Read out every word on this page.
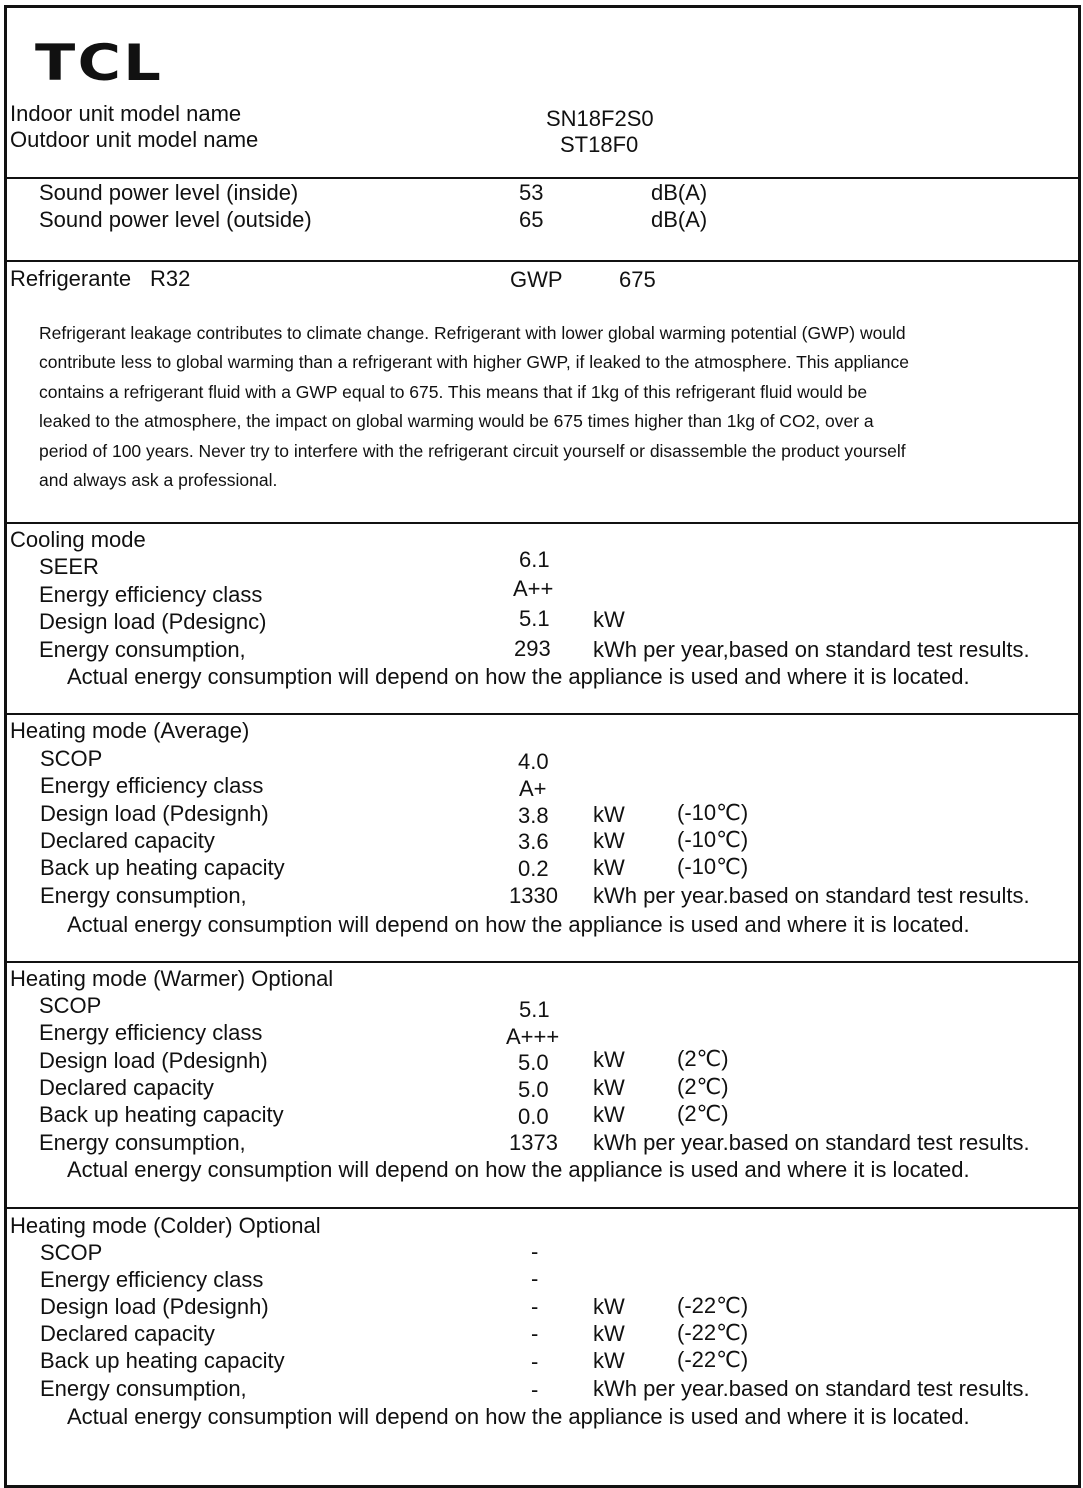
TCL
Indoor unit model name
Outdoor unit model name
SN18F2S0
ST18F0
Sound power level (inside)
Sound power level (outside)
53
65
dB(A)
dB(A)
Refrigerante R32	GWP	675
Refrigerant leakage contributes to climate change. Refrigerant with lower global warming potential (GWP) would
contribute less to global warming than a refrigerant with higher GWP, if leaked to the atmosphere. This appliance
contains a refrigerant fluid with a GWP equal to 675. This means that if 1kg of this refrigerant fluid would be
leaked to the atmosphere, the impact on global warming would be 675 times higher than 1kg of CO2, over a
period of 100 years. Never try to interfere with the refrigerant circuit yourself or disassemble the product yourself
and always ask a professional.
Cooling mode
SEER
Energy efficiency class
Design load (Pdesignc)
Energy consumption,
6.1
A++
5.1 kW
293 kWh per year,based on standard test results.
Actual energy consumption will depend on how the appliance is used and where it is located.
Heating mode (Average)
SCOP
Energy efficiency class
Design load (Pdesignh)
Declared capacity
Back up heating capacity
Energy consumption,
4.0
A+
3.8
3.6
0.2
kW
kW
kW
(-10℃)
(-10℃)
(-10℃)
1330 kWh per year.based on standard test results.
Actual energy consumption will depend on how the appliance is used and where it is located.
Heating mode (Warmer) Optional
SCOP
Energy efficiency class
Design load (Pdesignh)
Declared capacity
Back up heating capacity
Energy consumption,
5.1
A+++
5.0
5.0
0.0
kW
kW
kW
(2℃)
(2℃)
(2℃)
1373 kWh per year.based on standard test results.
Actual energy consumption will depend on how the appliance is used and where it is located.
Heating mode (Colder) Optional
SCOP
Energy efficiency class
Design load (Pdesignh)
Declared capacity
Back up heating capacity
Energy consumption,
-
-
-
-
-
kW
kW
kW
(-22℃)
(-22℃)
(-22℃)
- kWh per year.based on standard test results.
Actual energy consumption will depend on how the appliance is used and where it is located.
